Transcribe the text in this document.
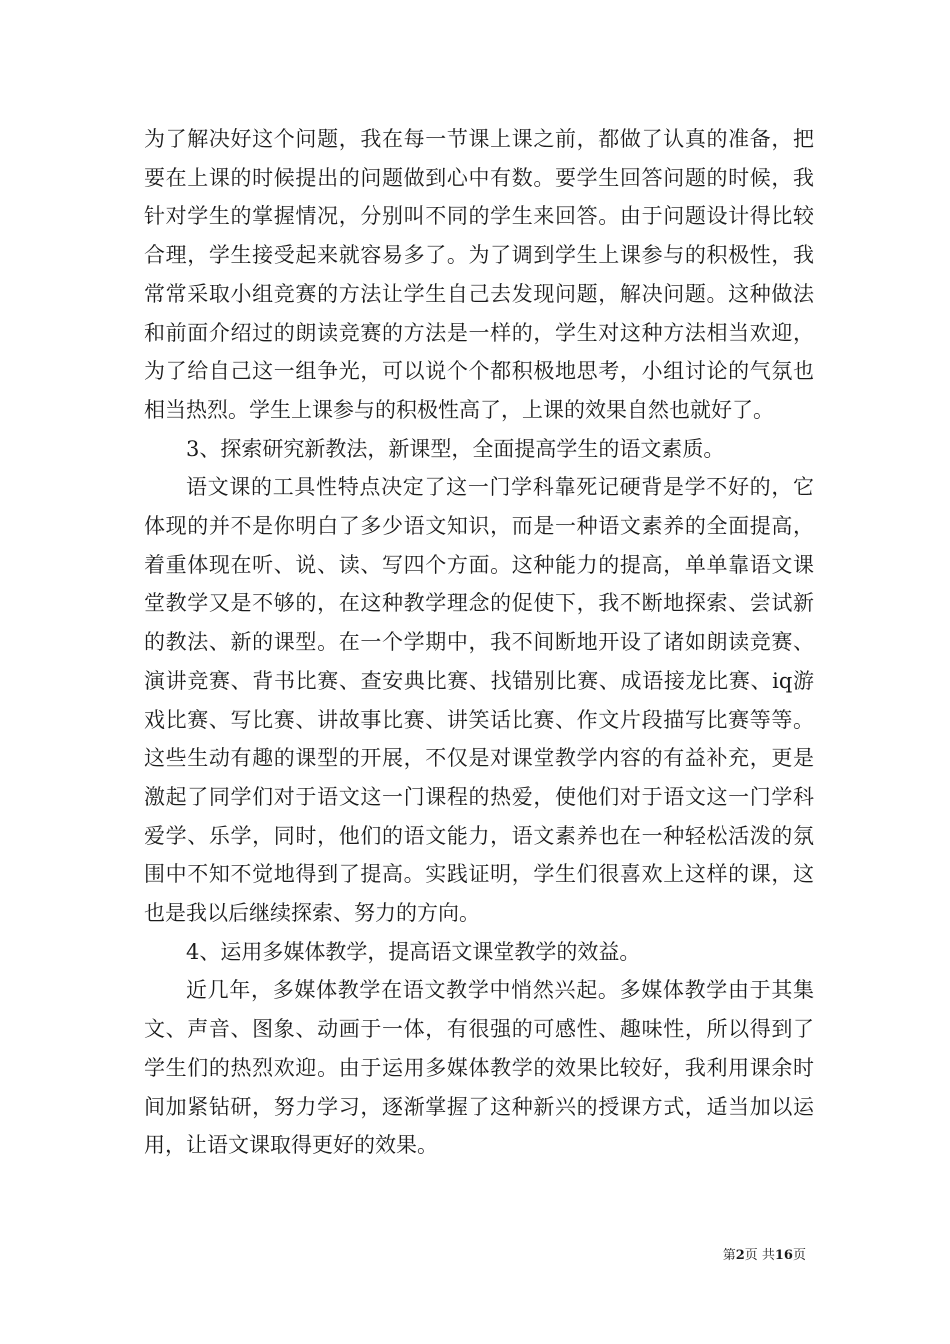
为了解决好这个问题，我在每一节课上课之前，都做了认真的准备，把要在上课的时候提出的问题做到心中有数。要学生回答问题的时候，我针对学生的掌握情况，分别叫不同的学生来回答。由于问题设计得比较合理，学生接受起来就容易多了。为了调到学生上课参与的积极性，我常常采取小组竞赛的方法让学生自己去发现问题，解决问题。这种做法和前面介绍过的朗读竞赛的方法是一样的，学生对这种方法相当欢迎，为了给自己这一组争光，可以说个个都积极地思考，小组讨论的气氛也相当热烈。学生上课参与的积极性高了，上课的效果自然也就好了。

3、探索研究新教法，新课型，全面提高学生的语文素质。

语文课的工具性特点决定了这一门学科靠死记硬背是学不好的，它体现的并不是你明白了多少语文知识，而是一种语文素养的全面提高，着重体现在听、说、读、写四个方面。这种能力的提高，单单靠语文课堂教学又是不够的，在这种教学理念的促使下，我不断地探索、尝试新的教法、新的课型。在一个学期中，我不间断地开设了诸如朗读竞赛、演讲竞赛、背书比赛、查安典比赛、找错别比赛、成语接龙比赛、iq游戏比赛、写比赛、讲故事比赛、讲笑话比赛、作文片段描写比赛等等。这些生动有趣的课型的开展，不仅是对课堂教学内容的有益补充，更是激起了同学们对于语文这一门课程的热爱，使他们对于语文这一门学科爱学、乐学，同时，他们的语文能力，语文素养也在一种轻松活泼的氛围中不知不觉地得到了提高。实践证明，学生们很喜欢上这样的课，这也是我以后继续探索、努力的方向。

4、运用多媒体教学，提高语文课堂教学的效益。

近几年，多媒体教学在语文教学中悄然兴起。多媒体教学由于其集文、声音、图象、动画于一体，有很强的可感性、趣味性，所以得到了学生们的热烈欢迎。由于运用多媒体教学的效果比较好，我利用课余时间加紧钻研，努力学习，逐渐掌握了这种新兴的授课方式，适当加以运用，让语文课取得更好的效果。

第2页 共16页
